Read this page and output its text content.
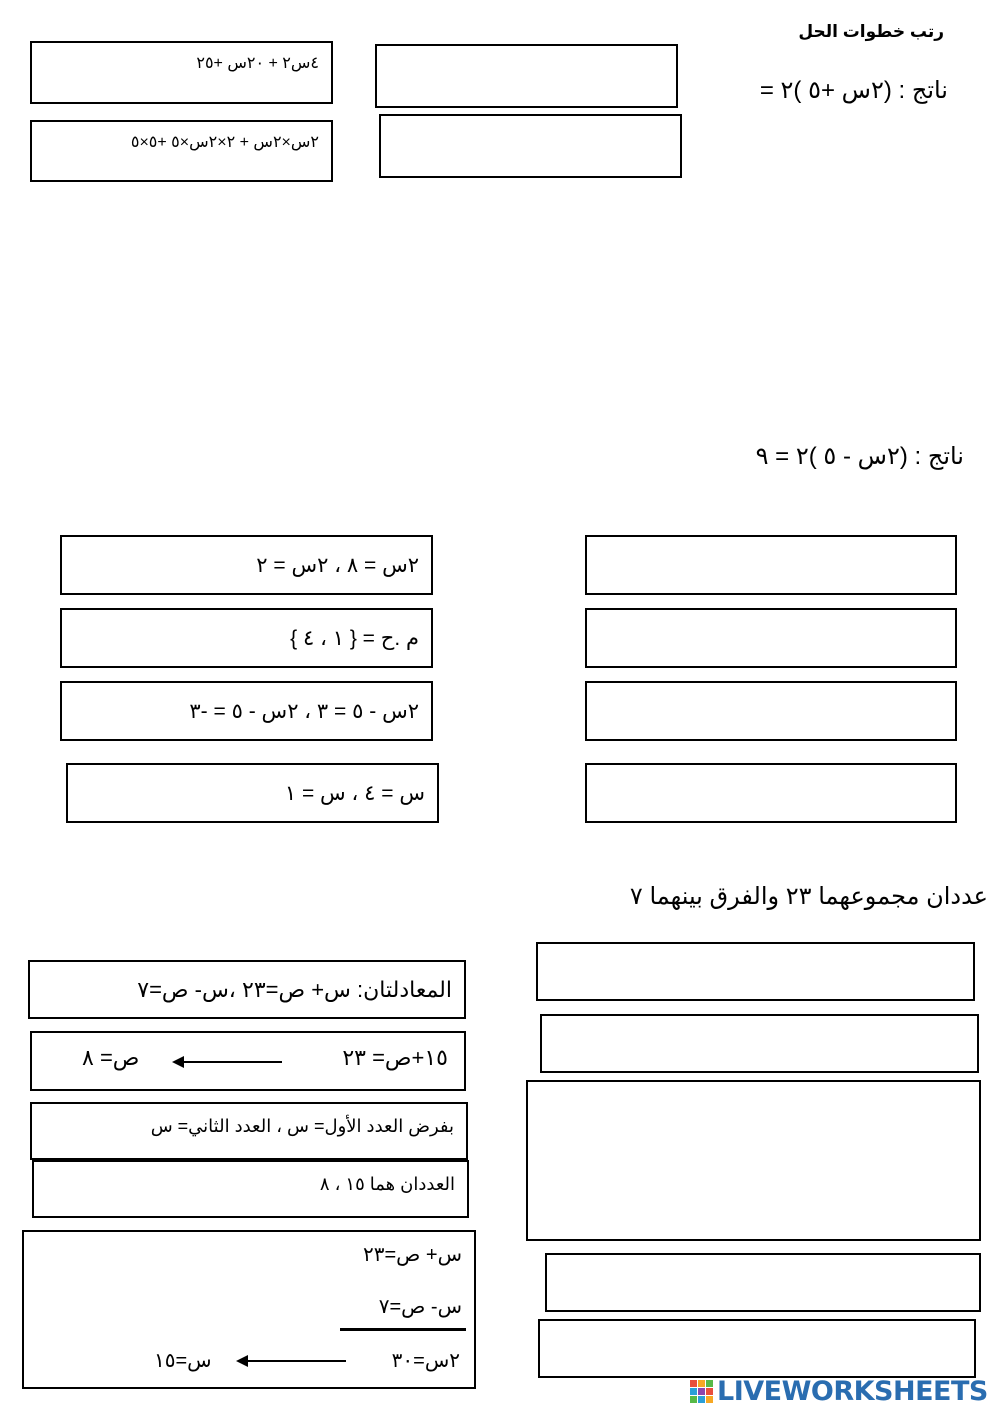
رتب خطوات الحل
ناتج : (٢س +٥ )٢ =
٤س٢ + ٢٠س +٢٥
٢س×٢س + ٢×٢س×٥ +٥×٥
ناتج : (٢س - ٥ )٢ = ٩
٢س = ٨ ، ٢س = ٢
م .ح = { ١ ، ٤ }
٢س - ٥ = ٣ ، ٢س - ٥ = -٣
س = ٤ ، س = ١
عددان مجموعهما ٢٣ والفرق بينهما ٧
المعادلتان: س+ ص=٢٣ ،س- ص=٧
١٥+ص= ٢٣
ص= ٨
بفرض العدد الأول= س ، العدد الثاني= س
العددان هما ١٥ ، ٨
س+ ص=٢٣
س- ص=٧
٢س=٣٠
س=١٥
LIVEWORKSHEETS
